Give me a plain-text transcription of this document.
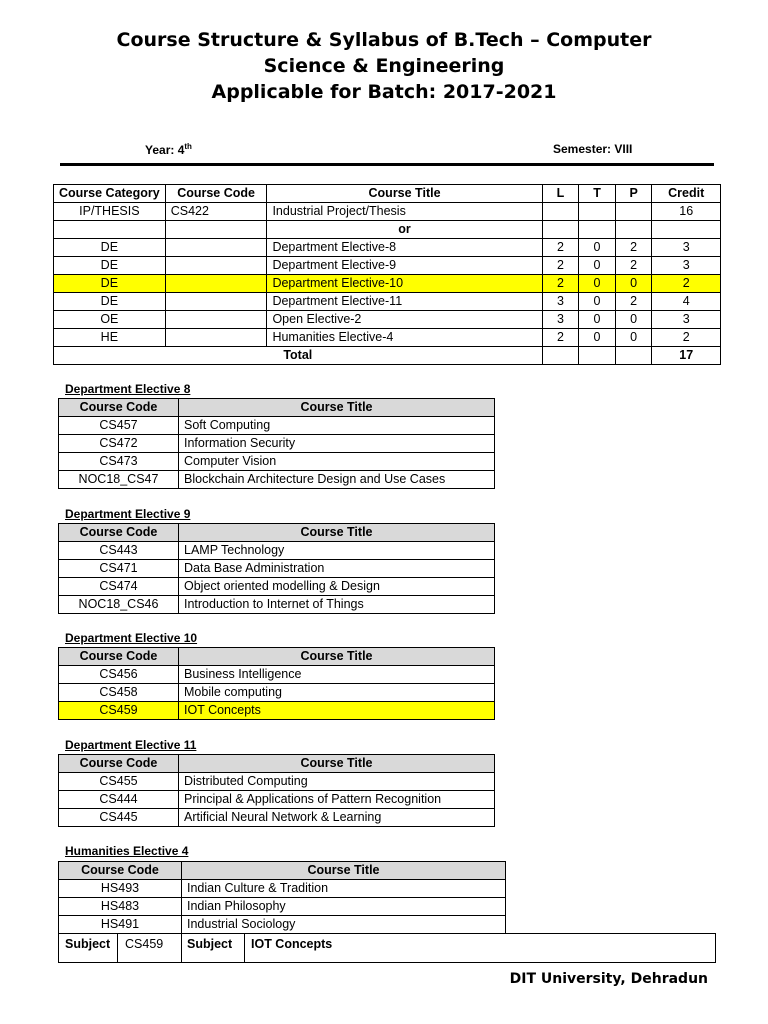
Course Structure & Syllabus of B.Tech – Computer
Science & Engineering
Applicable for Batch: 2017-2021
Year: 4th	Semester: VIII
Course Category	Course Code	Course Title	L	T	P	Credit
IP/THESIS	CS422	Industrial Project/Thesis				16
		or				
DE		Department Elective-8	2	0	2	3
DE		Department Elective-9	2	0	2	3
DE		Department Elective-10	2	0	0	2
DE		Department Elective-11	3	0	2	4
OE		Open Elective-2	3	0	0	3
HE		Humanities Elective-4	2	0	0	2
Total						17
Department Elective 8
Course Code	Course Title
CS457	Soft Computing
CS472	Information Security
CS473	Computer Vision
NOC18_CS47	Blockchain Architecture Design and Use Cases
Department Elective 9
Course Code	Course Title
CS443	LAMP Technology
CS471	Data Base Administration
CS474	Object oriented modelling & Design
NOC18_CS46	Introduction to Internet of Things
Department Elective 10
Course Code	Course Title
CS456	Business Intelligence
CS458	Mobile computing
CS459	IOT Concepts
Department Elective 11
Course Code	Course Title
CS455	Distributed Computing
CS444	Principal & Applications of Pattern Recognition
CS445	Artificial Neural Network & Learning
Humanities Elective 4
Course Code	Course Title
HS493	Indian Culture & Tradition
HS483	Indian Philosophy
HS491	Industrial Sociology
Subject CS459 Subject IOT Concepts
DIT University, Dehradun
